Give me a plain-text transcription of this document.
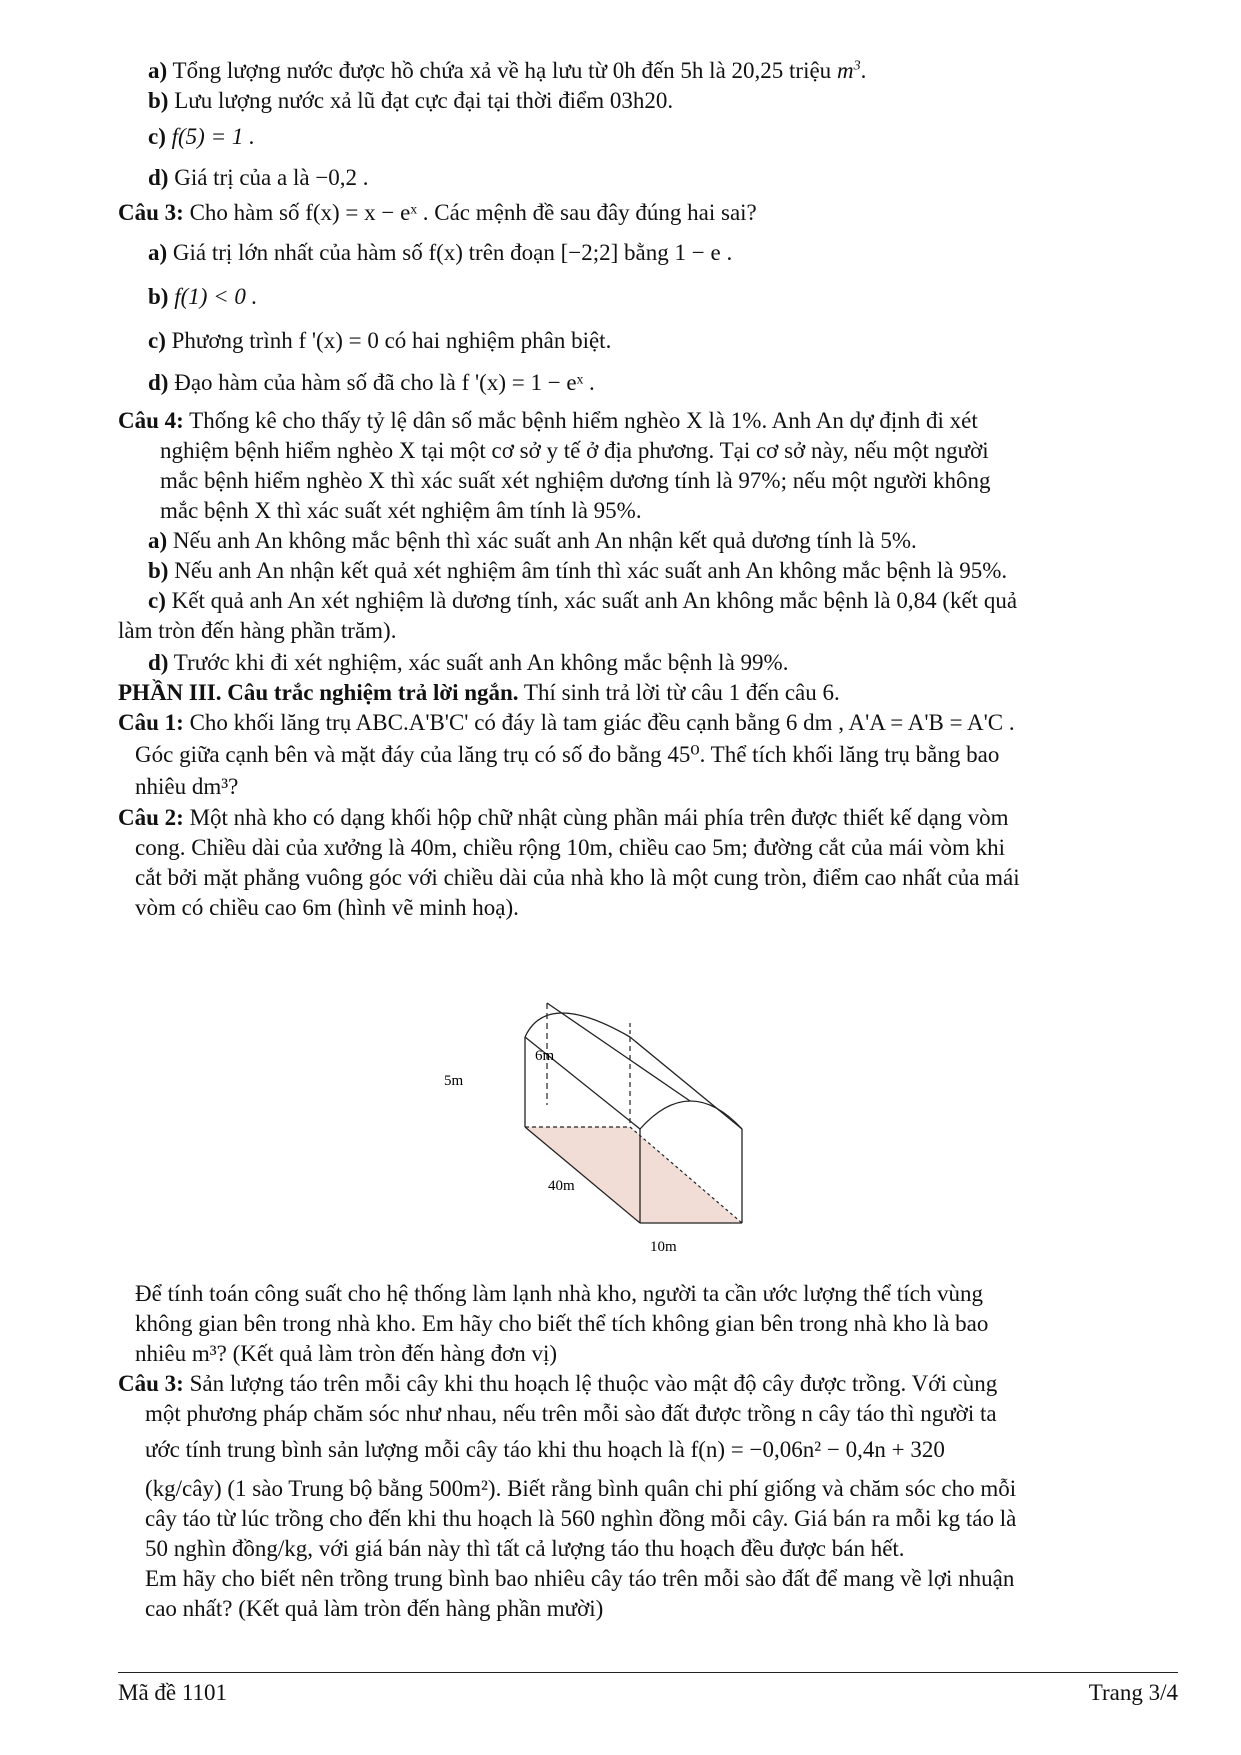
a) Tổng lượng nước được hồ chứa xả về hạ lưu từ 0h đến 5h là 20,25 triệu $m^3$.
b) Lưu lượng nước xả lũ đạt cực đại tại thời điểm 03h20.
c) f(5) = 1 .
d) Giá trị của a là −0,2 .
Câu 3: Cho hàm số f(x) = x − eˣ . Các mệnh đề sau đây đúng hai sai?
a) Giá trị lớn nhất của hàm số f(x) trên đoạn [−2;2] bằng 1 − e .
b) f(1) < 0 .
c) Phương trình f '(x) = 0 có hai nghiệm phân biệt.
d) Đạo hàm của hàm số đã cho là f '(x) = 1 − eˣ .
Câu 4: Thống kê cho thấy tỷ lệ dân số mắc bệnh hiểm nghèo X là 1%. Anh An dự định đi xét
nghiệm bệnh hiểm nghèo X tại một cơ sở y tế ở địa phương. Tại cơ sở này, nếu một người
mắc bệnh hiểm nghèo X thì xác suất xét nghiệm dương tính là 97%; nếu một người không
mắc bệnh X thì xác suất xét nghiệm âm tính là 95%.
a) Nếu anh An không mắc bệnh thì xác suất anh An nhận kết quả dương tính là 5%.
b) Nếu anh An nhận kết quả xét nghiệm âm tính thì xác suất anh An không mắc bệnh là 95%.
c) Kết quả anh An xét nghiệm là dương tính, xác suất anh An không mắc bệnh là 0,84 (kết quả
làm tròn đến hàng phần trăm).
d) Trước khi đi xét nghiệm, xác suất anh An không mắc bệnh là 99%.
PHẦN III. Câu trắc nghiệm trả lời ngắn. Thí sinh trả lời từ câu 1 đến câu 6.
Câu 1: Cho khối lăng trụ ABC.A'B'C' có đáy là tam giác đều cạnh bằng 6 dm , A'A = A'B = A'C .
Góc giữa cạnh bên và mặt đáy của lăng trụ có số đo bằng 45⁰. Thể tích khối lăng trụ bằng bao
nhiêu dm³?
Câu 2: Một nhà kho có dạng khối hộp chữ nhật cùng phần mái phía trên được thiết kế dạng vòm
cong. Chiều dài của xưởng là 40m, chiều rộng 10m, chiều cao 5m; đường cắt của mái vòm khi
cắt bởi mặt phẳng vuông góc với chiều dài của nhà kho là một cung tròn, điểm cao nhất của mái
vòm có chiều cao 6m (hình vẽ minh hoạ).
6m
5m
40m
10m
Để tính toán công suất cho hệ thống làm lạnh nhà kho, người ta cần ước lượng thể tích vùng
không gian bên trong nhà kho. Em hãy cho biết thể tích không gian bên trong nhà kho là bao
nhiêu m³? (Kết quả làm tròn đến hàng đơn vị)
Câu 3: Sản lượng táo trên mỗi cây khi thu hoạch lệ thuộc vào mật độ cây được trồng. Với cùng
một phương pháp chăm sóc như nhau, nếu trên mỗi sào đất được trồng n cây táo thì người ta
ước tính trung bình sản lượng mỗi cây táo khi thu hoạch là f(n) = −0,06n² − 0,4n + 320
(kg/cây) (1 sào Trung bộ bằng 500m²). Biết rằng bình quân chi phí giống và chăm sóc cho mỗi
cây táo từ lúc trồng cho đến khi thu hoạch là 560 nghìn đồng mỗi cây. Giá bán ra mỗi kg táo là
50 nghìn đồng/kg, với giá bán này thì tất cả lượng táo thu hoạch đều được bán hết.
Em hãy cho biết nên trồng trung bình bao nhiêu cây táo trên mỗi sào đất để mang về lợi nhuận
cao nhất? (Kết quả làm tròn đến hàng phần mười)
Mã đề 1101	Trang 3/4
